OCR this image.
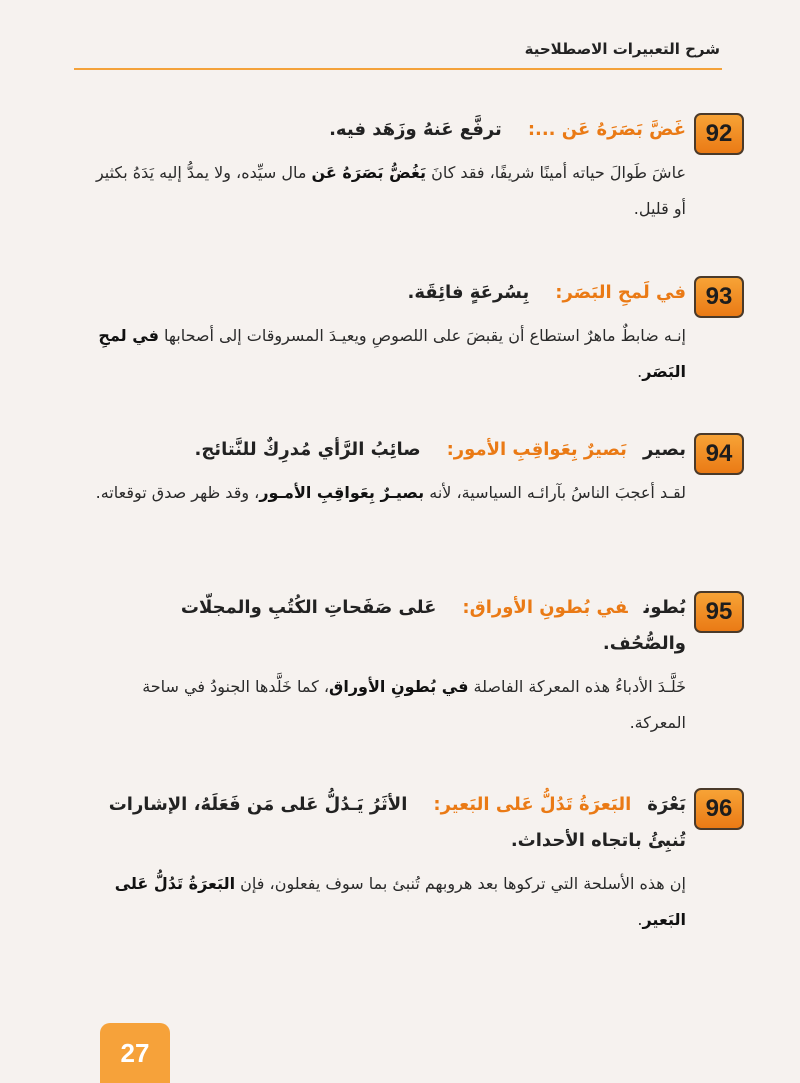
شرح التعبيرات الاصطلاحية
92
غَضَّ بَصَرَهُ عَن ...:ترفَّع عَنهُ وزَهَد فيه.
عاشَ طَوالَ حياته أمينًا شريفًا، فقد كانَ يَغُضُّ بَصَرَهُ عَن مال سيِّده، ولا يمدُّ إليه يَدَهُ بكثير أو قليل.
93
في لَمحِ البَصَر:بِسُرعَةٍ فائِقَة.
إنـه ضابطٌ ماهرٌ استطاع أن يقبضَ على اللصوصِ ويعيـدَ المسروقات إلى أصحابها في لمحِ البَصَر.
94
بصيربَصيرٌ بِعَواقِبِ الأمور:صائِبُ الرَّأي مُدرِكٌ للنَّتائج.
لقـد أعجبَ الناسُ بآرائـه السياسية، لأنه بصيـرٌ بِعَواقِبِ الأمـور، وقد ظهر صدق توقعاته.
95
بُطونفي بُطونِ الأوراق:عَلى صَفَحاتِ الكُتُبِ والمجلّات
والصُّحُف.
خَلَّـدَ الأدباءُ هذه المعركة الفاصلة في بُطونِ الأوراق، كما خَلَّدها الجنودُ في ساحة المعركة.
96
بَعْرَةالبَعرَةُ تَدُلُّ عَلى البَعير:الأثَرُ يَـدُلُّ عَلى مَن فَعَلَهُ، الإشارات
تُنبِئُ باتجاه الأحداث.
إن هذه الأسلحة التي تركوها بعد هروبهم تُنبئ بما سوف يفعلون، فإن البَعرَةُ تَدُلُّ عَلى البَعير.
27
